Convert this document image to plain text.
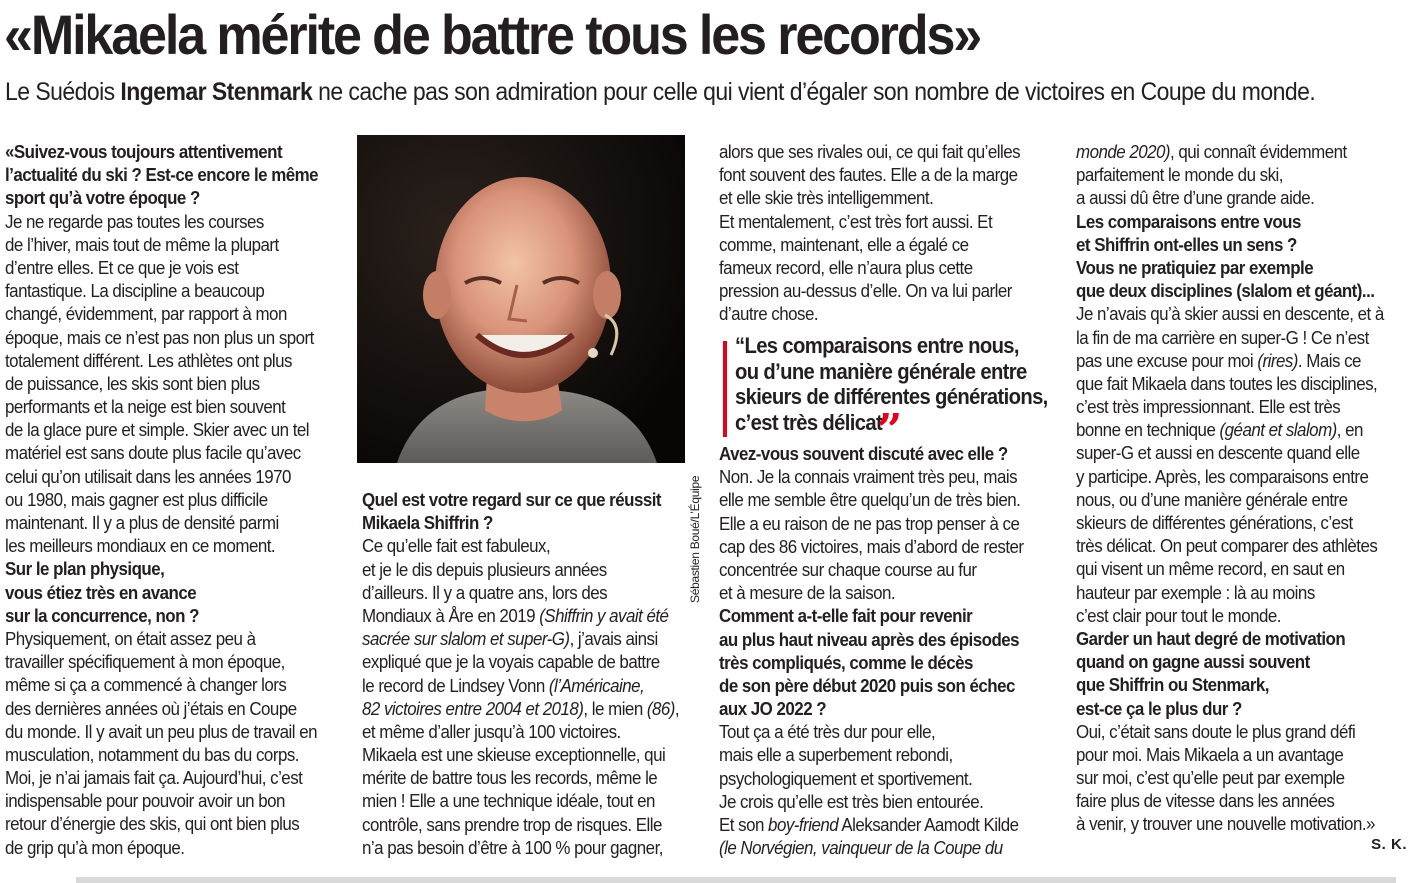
«Mikaela mérite de battre tous les records»
Le Suédois Ingemar Stenmark ne cache pas son admiration pour celle qui vient d’égaler son nombre de victoires en Coupe du monde.
«Suivez-vous toujours attentivement
l’actualité du ski ? Est-ce encore le même
sport qu’à votre époque ?
Je ne regarde pas toutes les courses
de l’hiver, mais tout de même la plupart
d’entre elles. Et ce que je vois est
fantastique. La discipline a beaucoup
changé, évidemment, par rapport à mon
époque, mais ce n’est pas non plus un sport
totalement différent. Les athlètes ont plus
de puissance, les skis sont bien plus
performants et la neige est bien souvent
de la glace pure et simple. Skier avec un tel
matériel est sans doute plus facile qu’avec
celui qu’on utilisait dans les années 1970
ou 1980, mais gagner est plus difficile
maintenant. Il y a plus de densité parmi
les meilleurs mondiaux en ce moment.
Sur le plan physique,
vous étiez très en avance
sur la concurrence, non ?
Physiquement, on était assez peu à
travailler spécifiquement à mon époque,
même si ça a commencé à changer lors
des dernières années où j’étais en Coupe
du monde. Il y avait un peu plus de travail en
musculation, notamment du bas du corps.
Moi, je n’ai jamais fait ça. Aujourd’hui, c’est
indispensable pour pouvoir avoir un bon
retour d’énergie des skis, qui ont bien plus
de grip qu’à mon époque.
Sébastien Boué/L’Équipe
Quel est votre regard sur ce que réussit
Mikaela Shiffrin ?
Ce qu’elle fait est fabuleux,
et je le dis depuis plusieurs années
d’ailleurs. Il y a quatre ans, lors des
Mondiaux à Åre en 2019 (Shiffrin y avait été
sacrée sur slalom et super-G), j’avais ainsi
expliqué que je la voyais capable de battre
le record de Lindsey Vonn (l’Américaine,
82 victoires entre 2004 et 2018), le mien (86),
et même d’aller jusqu’à 100 victoires.
Mikaela est une skieuse exceptionnelle, qui
mérite de battre tous les records, même le
mien ! Elle a une technique idéale, tout en
contrôle, sans prendre trop de risques. Elle
n’a pas besoin d’être à 100 % pour gagner,
alors que ses rivales oui, ce qui fait qu’elles
font souvent des fautes. Elle a de la marge
et elle skie très intelligemment.
Et mentalement, c’est très fort aussi. Et
comme, maintenant, elle a égalé ce
fameux record, elle n’aura plus cette
pression au-dessus d’elle. On va lui parler
d’autre chose.
“Les comparaisons entre nous,
ou d’une manière générale entre
skieurs de différentes générations,
c’est très délicat
”
Avez-vous souvent discuté avec elle ?
Non. Je la connais vraiment très peu, mais
elle me semble être quelqu’un de très bien.
Elle a eu raison de ne pas trop penser à ce
cap des 86 victoires, mais d’abord de rester
concentrée sur chaque course au fur
et à mesure de la saison.
Comment a-t-elle fait pour revenir
au plus haut niveau après des épisodes
très compliqués, comme le décès
de son père début 2020 puis son échec
aux JO 2022 ?
Tout ça a été très dur pour elle,
mais elle a superbement rebondi,
psychologiquement et sportivement.
Je crois qu’elle est très bien entourée.
Et son boy-friend Aleksander Aamodt Kilde
(le Norvégien, vainqueur de la Coupe du
monde 2020), qui connaît évidemment
parfaitement le monde du ski,
a aussi dû être d’une grande aide.
Les comparaisons entre vous
et Shiffrin ont-elles un sens ?
Vous ne pratiquiez par exemple
que deux disciplines (slalom et géant)...
Je n’avais qu’à skier aussi en descente, et à
la fin de ma carrière en super-G ! Ce n’est
pas une excuse pour moi (rires). Mais ce
que fait Mikaela dans toutes les disciplines,
c’est très impressionnant. Elle est très
bonne en technique (géant et slalom), en
super-G et aussi en descente quand elle
y participe. Après, les comparaisons entre
nous, ou d’une manière générale entre
skieurs de différentes générations, c’est
très délicat. On peut comparer des athlètes
qui visent un même record, en saut en
hauteur par exemple : là au moins
c’est clair pour tout le monde.
Garder un haut degré de motivation
quand on gagne aussi souvent
que Shiffrin ou Stenmark,
est-ce ça le plus dur ?
Oui, c’était sans doute le plus grand défi
pour moi. Mais Mikaela a un avantage
sur moi, c’est qu’elle peut par exemple
faire plus de vitesse dans les années
à venir, y trouver une nouvelle motivation.»
S. K.
